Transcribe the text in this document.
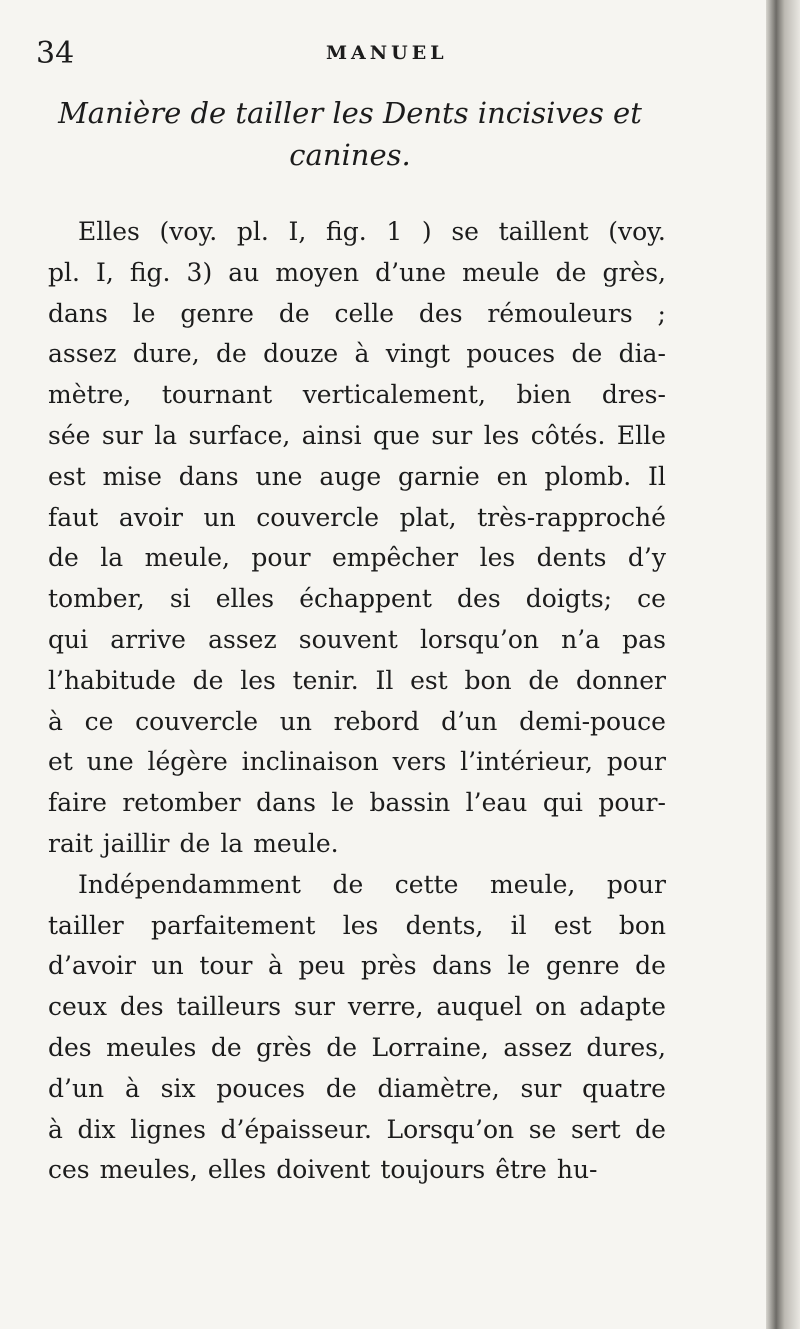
34	MANUEL
Manière de tailler les Dents incisives et
canines.
Elles (voy. pl. I, fig. 1 ) se taillent (voy.
pl. I, fig. 3) au moyen d’une meule de grès,
dans le genre de celle des rémouleurs ;
assez dure, de douze à vingt pouces de dia-
mètre, tournant verticalement, bien dres-
sée sur la surface, ainsi que sur les côtés. Elle
est mise dans une auge garnie en plomb. Il
faut avoir un couvercle plat, très-rapproché
de la meule, pour empêcher les dents d’y
tomber, si elles échappent des doigts; ce
qui arrive assez souvent lorsqu’on n’a pas
l’habitude de les tenir. Il est bon de donner
à ce couvercle un rebord d’un demi-pouce
et une légère inclinaison vers l’intérieur, pour
faire retomber dans le bassin l’eau qui pour-
rait jaillir de la meule.
Indépendamment de cette meule, pour
tailler parfaitement les dents, il est bon
d’avoir un tour à peu près dans le genre de
ceux des tailleurs sur verre, auquel on adapte
des meules de grès de Lorraine, assez dures,
d’un à six pouces de diamètre, sur quatre
à dix lignes d’épaisseur. Lorsqu’on se sert de
ces meules, elles doivent toujours être hu-
